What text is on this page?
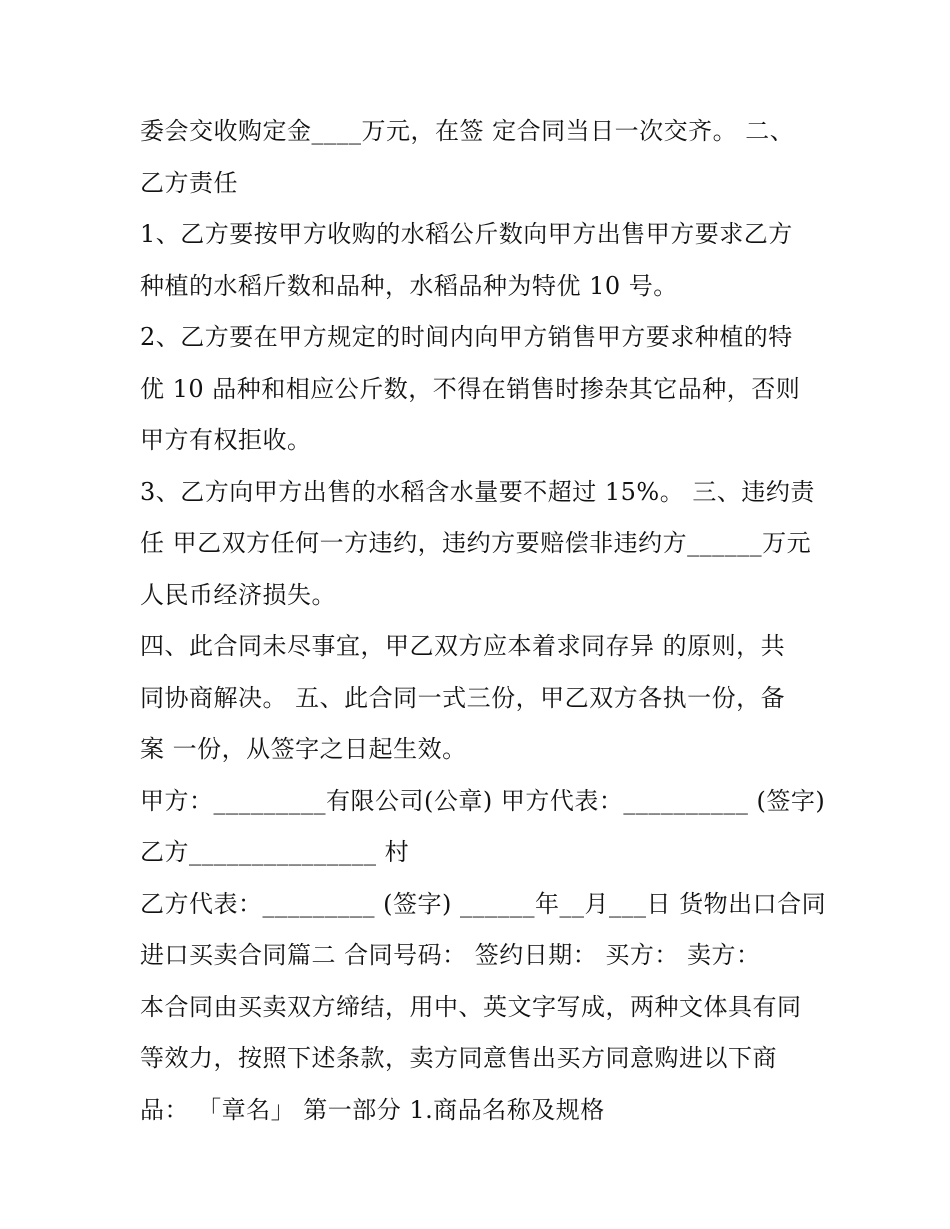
委会交收购定金____万元，在签 定合同当日一次交齐。 二、
乙方责任
1、乙方要按甲方收购的水稻公斤数向甲方出售甲方要求乙方
种植的水稻斤数和品种，水稻品种为特优 10 号。
2、乙方要在甲方规定的时间内向甲方销售甲方要求种植的特
优 10 品种和相应公斤数，不得在销售时掺杂其它品种，否则
甲方有权拒收。
3、乙方向甲方出售的水稻含水量要不超过 15%。 三、违约责
任 甲乙双方任何一方违约，违约方要赔偿非违约方______万元
人民币经济损失。
四、此合同未尽事宜，甲乙双方应本着求同存异 的原则，共
同协商解决。 五、此合同一式三份，甲乙双方各执一份，备
案 一份，从签字之日起生效。
甲方：_________有限公司(公章) 甲方代表：__________ (签字)
乙方_______________ 村
乙方代表：_________ (签字) ______年__月___日 货物出口合同
进口买卖合同篇二 合同号码： 签约日期： 买方： 卖方：
本合同由买卖双方缔结，用中、英文字写成，两种文体具有同
等效力，按照下述条款，卖方同意售出买方同意购进以下商
品： 「章名」 第一部分 1.商品名称及规格
